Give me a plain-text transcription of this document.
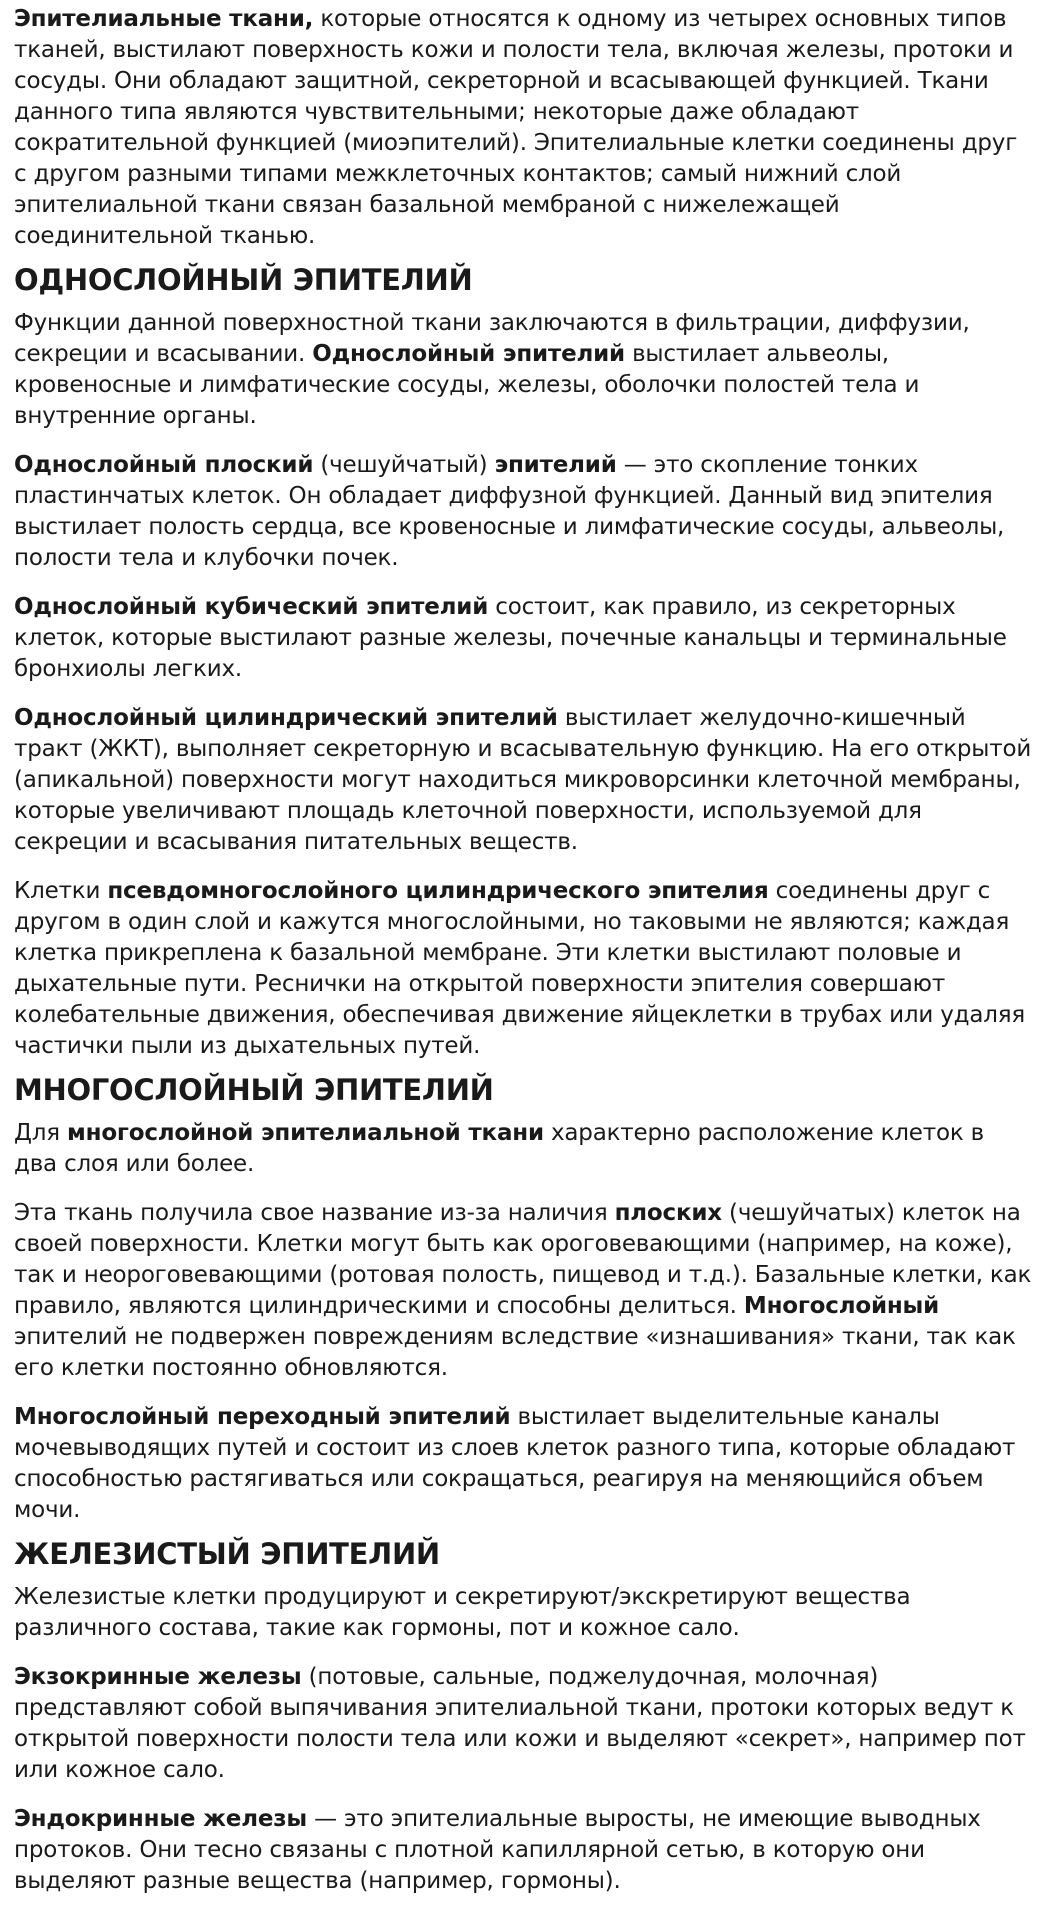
Эпителиальные ткани, которые относятся к одному из четырех основных типов тканей, выстилают поверхность кожи и полости тела, включая железы, протоки и сосуды. Они обладают защитной, секреторной и всасывающей функцией. Ткани данного типа являются чувствительными; некоторые даже обладают сократительной функцией (миоэпителий). Эпителиальные клетки соединены друг с другом разными типами межклеточных контактов; самый нижний слой эпителиальной ткани связан базальной мембраной с нижележащей соединительной тканью.

ОДНОСЛОЙНЫЙ ЭПИТЕЛИЙ

Функции данной поверхностной ткани заключаются в фильтрации, диффузии, секреции и всасывании. Однослойный эпителий выстилает альвеолы, кровеносные и лимфатические сосуды, железы, оболочки полостей тела и внутренние органы.

Однослойный плоский (чешуйчатый) эпителий — это скопление тонких пластинчатых клеток. Он обладает диффузной функцией. Данный вид эпителия выстилает полость сердца, все кровеносные и лимфатические сосуды, альвеолы, полости тела и клубочки почек.

Однослойный кубический эпителий состоит, как правило, из секреторных клеток, которые выстилают разные железы, почечные канальцы и терминальные бронхиолы легких.

Однослойный цилиндрический эпителий выстилает желудочно-кишечный тракт (ЖКТ), выполняет секреторную и всасывательную функцию. На его открытой (апикальной) поверхности могут находиться микроворсинки клеточной мембраны, которые увеличивают площадь клеточной поверхности, используемой для секреции и всасывания питательных веществ.

Клетки псевдомногослойного цилиндрического эпителия соединены друг с другом в один слой и кажутся многослойными, но таковыми не являются; каждая клетка прикреплена к базальной мембране. Эти клетки выстилают половые и дыхательные пути. Реснички на открытой поверхности эпителия совершают колебательные движения, обеспечивая движение яйцеклетки в трубах или удаляя частички пыли из дыхательных путей.

МНОГОСЛОЙНЫЙ ЭПИТЕЛИЙ

Для многослойной эпителиальной ткани характерно расположение клеток в два слоя или более.

Эта ткань получила свое название из-за наличия плоских (чешуйчатых) клеток на своей поверхности. Клетки могут быть как ороговевающими (например, на коже), так и неороговевающими (ротовая полость, пищевод и т.д.). Базальные клетки, как правило, являются цилиндрическими и способны делиться. Многослойный эпителий не подвержен повреждениям вследствие «изнашивания» ткани, так как его клетки постоянно обновляются.

Многослойный переходный эпителий выстилает выделительные каналы мочевыводящих путей и состоит из слоев клеток разного типа, которые обладают способностью растягиваться или сокращаться, реагируя на меняющийся объем мочи.

ЖЕЛЕЗИСТЫЙ ЭПИТЕЛИЙ

Железистые клетки продуцируют и секретируют/экскретируют вещества различного состава, такие как гормоны, пот и кожное сало.

Экзокринные железы (потовые, сальные, поджелудочная, молочная) представляют собой выпячивания эпителиальной ткани, протоки которых ведут к открытой поверхности полости тела или кожи и выделяют «секрет», например пот или кожное сало.

Эндокринные железы — это эпителиальные выросты, не имеющие выводных протоков. Они тесно связаны с плотной капиллярной сетью, в которую они выделяют разные вещества (например, гормоны).
